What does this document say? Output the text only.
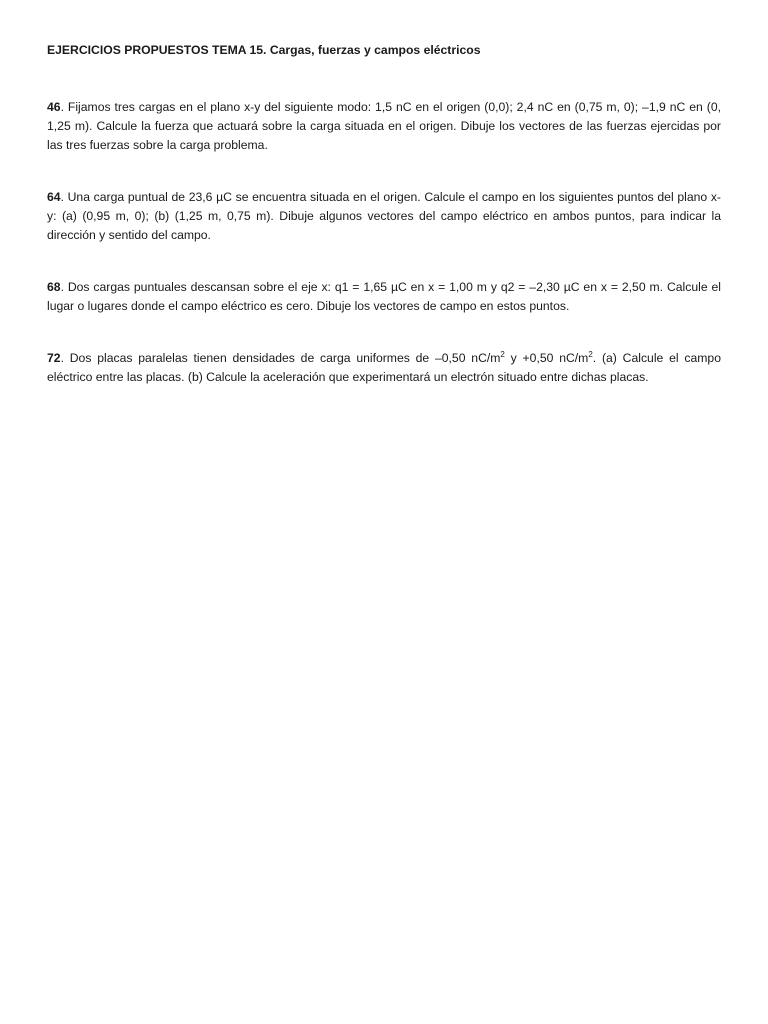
EJERCICIOS PROPUESTOS TEMA 15. Cargas, fuerzas y campos eléctricos

46. Fijamos tres cargas en el plano x-y del siguiente modo: 1,5 nC en el origen (0,0); 2,4 nC en (0,75 m, 0); –1,9 nC en (0, 1,25 m). Calcule la fuerza que actuará sobre la carga situada en el origen. Dibuje los vectores de las fuerzas ejercidas por las tres fuerzas sobre la carga problema.

64. Una carga puntual de 23,6 µC se encuentra situada en el origen. Calcule el campo en los siguientes puntos del plano x-y: (a) (0,95 m, 0); (b) (1,25 m, 0,75 m). Dibuje algunos vectores del campo eléctrico en ambos puntos, para indicar la dirección y sentido del campo.

68. Dos cargas puntuales descansan sobre el eje x: q1 = 1,65 µC en x = 1,00 m y q2 = –2,30 µC en x = 2,50 m. Calcule el lugar o lugares donde el campo eléctrico es cero. Dibuje los vectores de campo en estos puntos.

72. Dos placas paralelas tienen densidades de carga uniformes de –0,50 $nC/m^2$ y +0,50 $nC/m^2$. (a) Calcule el campo eléctrico entre las placas. (b) Calcule la aceleración que experimentará un electrón situado entre dichas placas.
